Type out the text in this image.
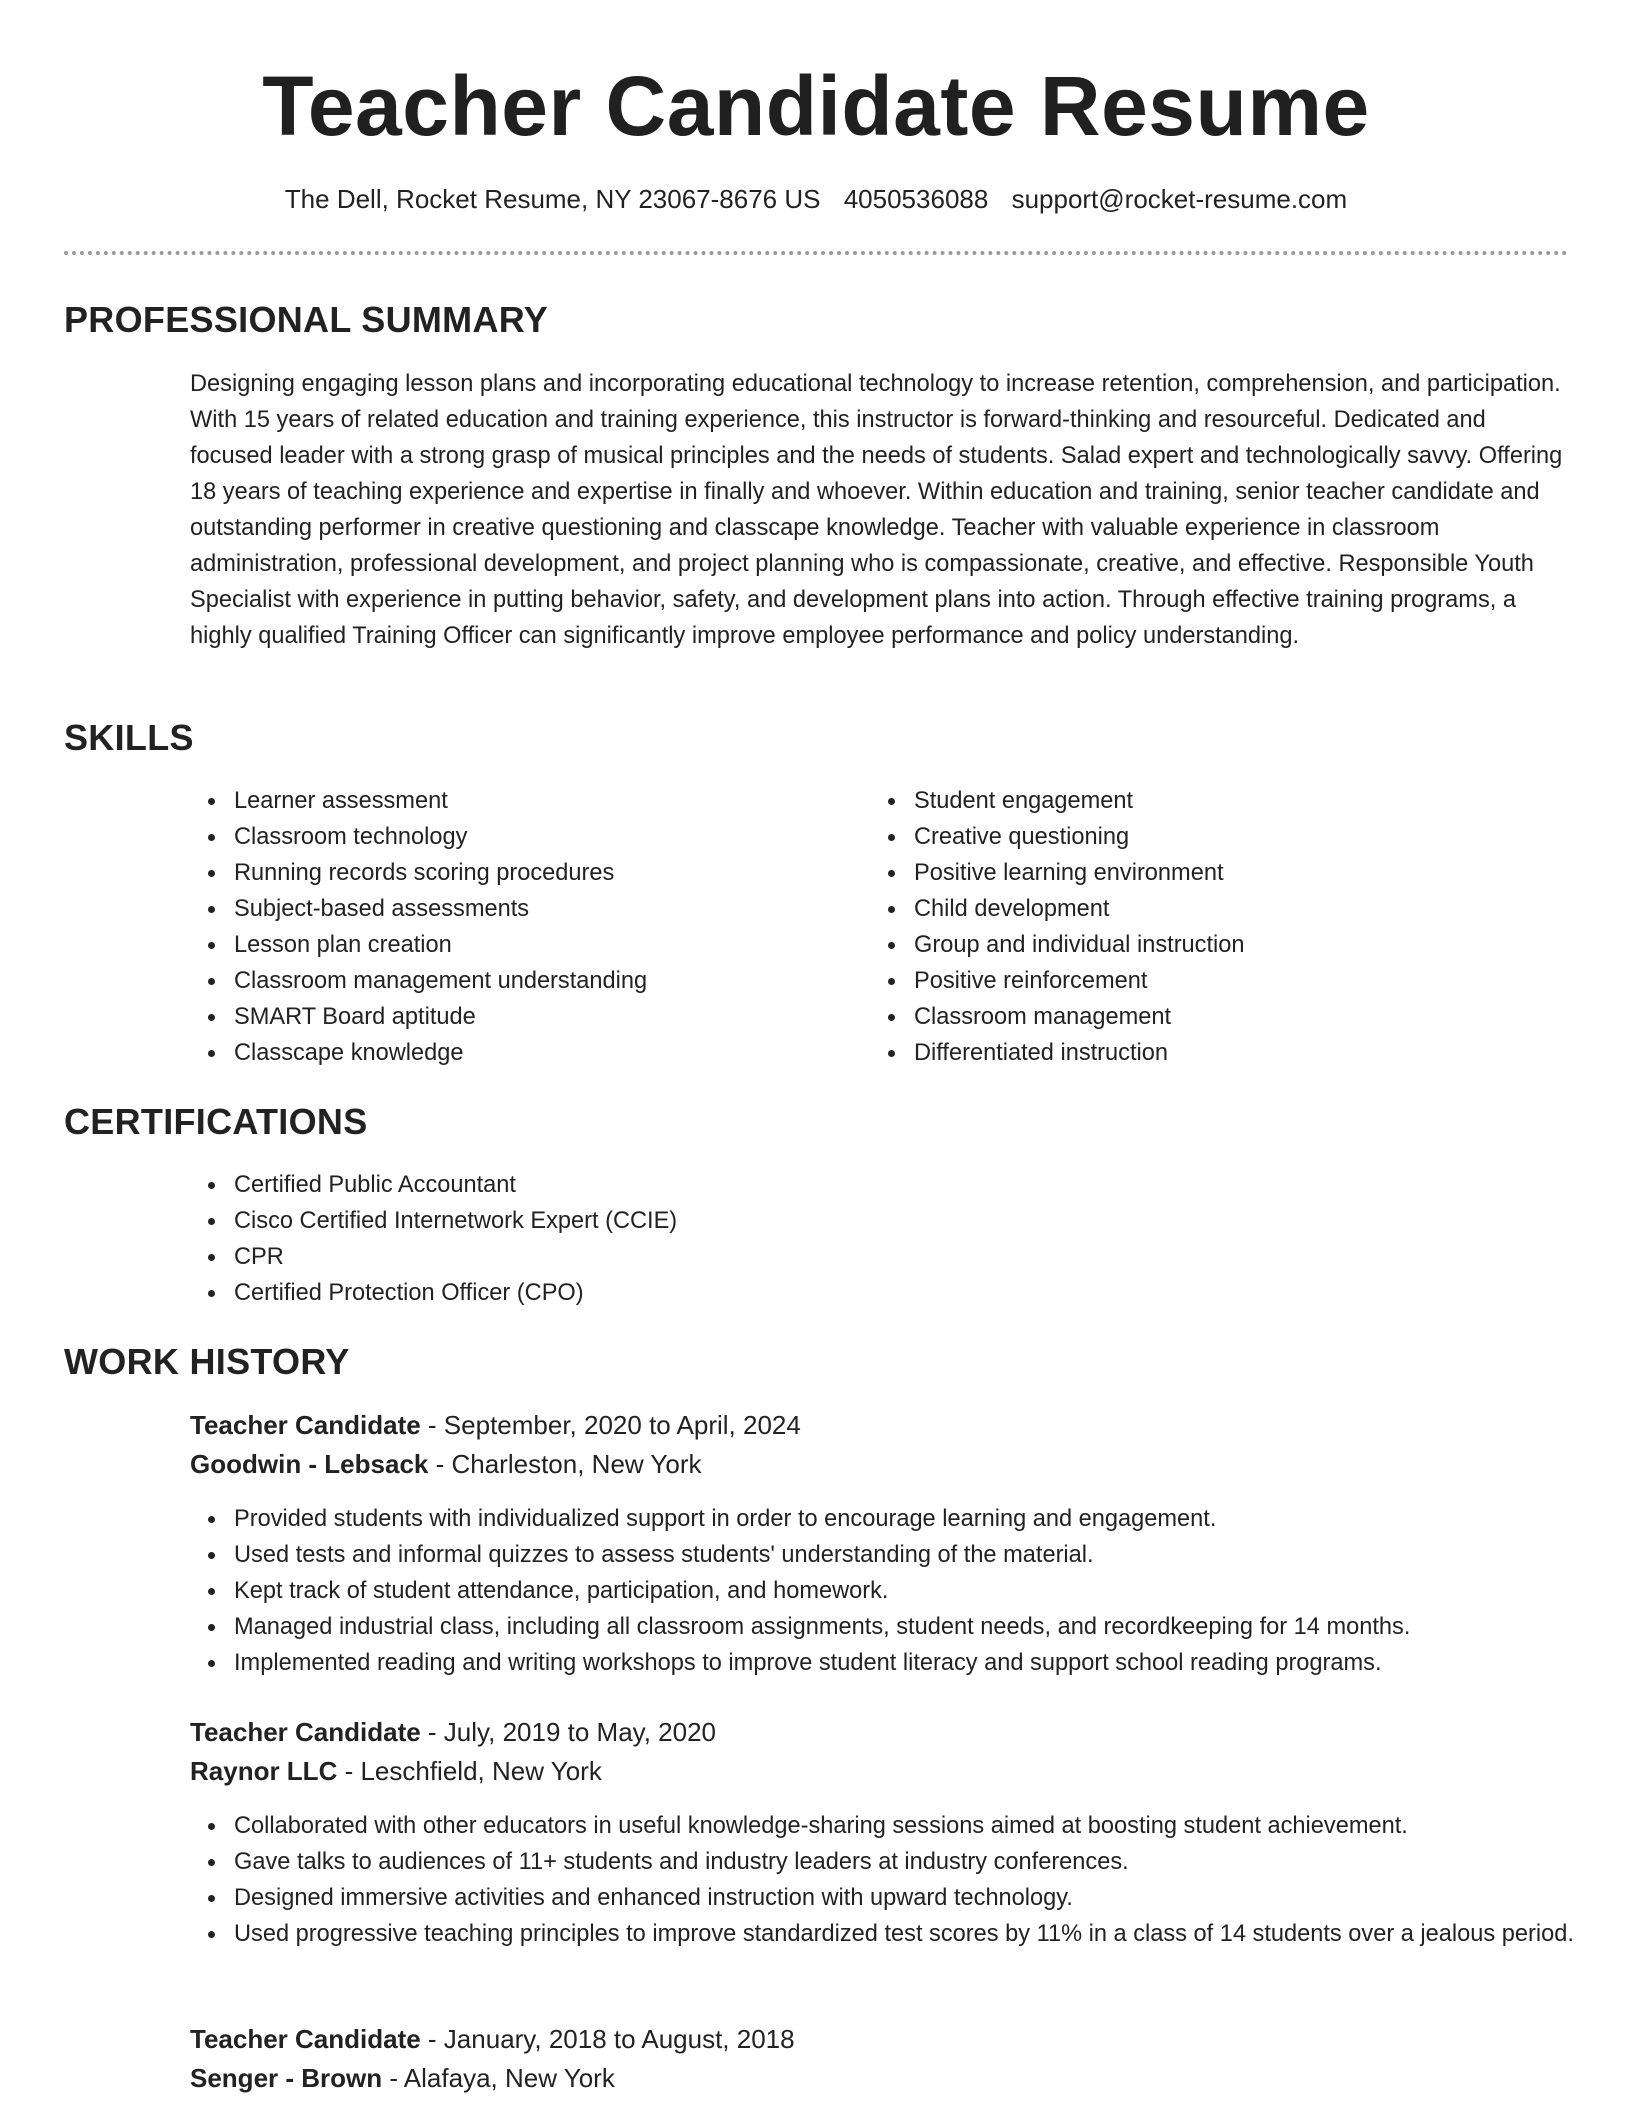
Teacher Candidate Resume
The Dell, Rocket Resume, NY 23067-8676 US 4050536088 support@rocket-resume.com
PROFESSIONAL SUMMARY
Designing engaging lesson plans and incorporating educational technology to increase retention, comprehension, and participation. With 15 years of related education and training experience, this instructor is forward-thinking and resourceful. Dedicated and focused leader with a strong grasp of musical principles and the needs of students. Salad expert and technologically savvy. Offering 18 years of teaching experience and expertise in finally and whoever. Within education and training, senior teacher candidate and outstanding performer in creative questioning and classcape knowledge. Teacher with valuable experience in classroom administration, professional development, and project planning who is compassionate, creative, and effective. Responsible Youth Specialist with experience in putting behavior, safety, and development plans into action. Through effective training programs, a highly qualified Training Officer can significantly improve employee performance and policy understanding.
SKILLS
Learner assessment
Classroom technology
Running records scoring procedures
Subject-based assessments
Lesson plan creation
Classroom management understanding
SMART Board aptitude
Classcape knowledge
Student engagement
Creative questioning
Positive learning environment
Child development
Group and individual instruction
Positive reinforcement
Classroom management
Differentiated instruction
CERTIFICATIONS
Certified Public Accountant
Cisco Certified Internetwork Expert (CCIE)
CPR
Certified Protection Officer (CPO)
WORK HISTORY
Teacher Candidate - September, 2020 to April, 2024
Goodwin - Lebsack - Charleston, New York
Provided students with individualized support in order to encourage learning and engagement.
Used tests and informal quizzes to assess students' understanding of the material.
Kept track of student attendance, participation, and homework.
Managed industrial class, including all classroom assignments, student needs, and recordkeeping for 14 months.
Implemented reading and writing workshops to improve student literacy and support school reading programs.
Teacher Candidate - July, 2019 to May, 2020
Raynor LLC - Leschfield, New York
Collaborated with other educators in useful knowledge-sharing sessions aimed at boosting student achievement.
Gave talks to audiences of 11+ students and industry leaders at industry conferences.
Designed immersive activities and enhanced instruction with upward technology.
Used progressive teaching principles to improve standardized test scores by 11% in a class of 14 students over a jealous period.
Teacher Candidate - January, 2018 to August, 2018
Senger - Brown - Alafaya, New York
